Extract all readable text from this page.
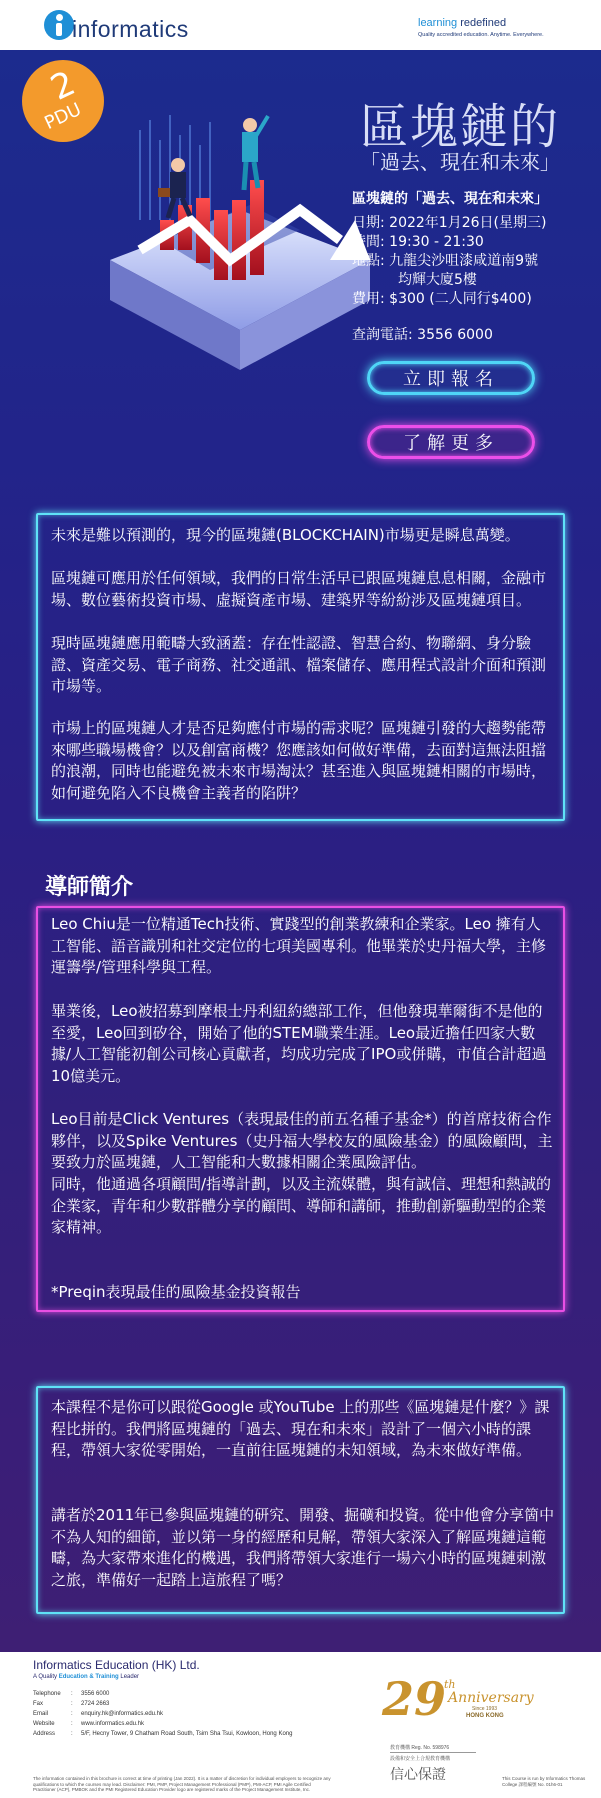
informatics	learning redefined
Quality accredited education. Anytime. Everywhere.
2
PDU	區塊鏈的
「過去、現在和未來」
區塊鏈的「過去、現在和未來」
日期: 2022年1月26日(星期三)
時間: 19:30 - 21:30
地點: 九龍尖沙咀漆咸道南9號
均輝大廈5樓
費用: $300 (二人同行$400)
查詢電話: 3556 6000
立即報名
了解更多

未來是難以預測的，現今的區塊鏈(BLOCKCHAIN)市場更是瞬息萬變。

區塊鏈可應用於任何領域，我們的日常生活早已跟區塊鏈息息相關，金融市場、數位藝術投資市場、虛擬資產市場、建築界等紛紛涉及區塊鏈項目。

現時區塊鏈應用範疇大致涵蓋：存在性認證、智慧合約、物聯網、身分驗證、資產交易、電子商務、社交通訊、檔案儲存、應用程式設計介面和預測市場等。

市場上的區塊鏈人才是否足夠應付市場的需求呢？區塊鏈引發的大趨勢能帶來哪些職場機會？以及創富商機？您應該如何做好準備，去面對這無法阻擋的浪潮，同時也能避免被未來市場淘汰？甚至進入與區塊鏈相關的市場時，如何避免陷入不良機會主義者的陷阱？

導師簡介

Leo Chiu是一位精通Tech技術、實踐型的創業教練和企業家。Leo 擁有人工智能、語音識別和社交定位的七項美國專利。他畢業於史丹福大學，主修運籌學/管理科學與工程。

畢業後，Leo被招募到摩根士丹利紐約總部工作，但他發現華爾街不是他的至愛，Leo回到矽谷，開始了他的STEM職業生涯。Leo最近擔任四家大數據/人工智能初創公司核心貢獻者，均成功完成了IPO或併購，市值合計超過10億美元。

Leo目前是Click Ventures（表現最佳的前五名種子基金*）的首席技術合作夥伴，以及Spike Ventures（史丹福大學校友的風險基金）的風險顧問，主要致力於區塊鏈，人工智能和大數據相關企業風險評估。

同時，他通過各項顧問/指導計劃，以及主流媒體，與有誠信、理想和熱誠的企業家，青年和少數群體分享的顧問、導師和講師，推動創新驅動型的企業家精神。

*Preqin表現最佳的風險基金投資報告

本課程不是你可以跟從Google 或YouTube 上的那些《區塊鏈是什麼？》課程比拼的。我們將區塊鏈的「過去、現在和未來」設計了一個六小時的課程，帶領大家從零開始，一直前往區塊鏈的未知領域，為未來做好準備。

講者於2011年已參與區塊鏈的研究、開發、掘礦和投資。從中他會分享箇中不為人知的細節，並以第一身的經歷和見解，帶領大家深入了解區塊鏈這範疇，為大家帶來進化的機遇，我們將帶領大家進行一場六小時的區塊鏈刺激之旅，準備好一起踏上這旅程了嗎？

Informatics Education (HK) Ltd.
A Quality Education & Training Leader
Telephone : 3556 6000
Fax	: 2724 2663
Email	: enquiry.hk@informatics.edu.hk
Website	: www.informatics.edu.hk
Address	: 5/F, Hecny Tower, 9 Chatham Road South, Tsim Sha Tsui, Kowloon, Hong Kong
The information contained in this brochure is correct at time of printing (Jan 2022). It is a matter of discretion for individual employers to recognize any qualifications to which the courses may lead. Disclaimer: PMI, PMP, Project Management Professional (PMP), PMI-ACP, PMI Agile Certified Practitioner (ACP), PMBOK and the PMI Registered Education Provider logo are registered marks of the Project Management Institute, Inc.
29
th
Anniversary
Since 1993
HONG KONG
教育機構 Reg. No. 598976
設備和安全上合規教育機構
信心保證	This Course is run by Informatics Thomas College 課程編號 No. 01h6-01
